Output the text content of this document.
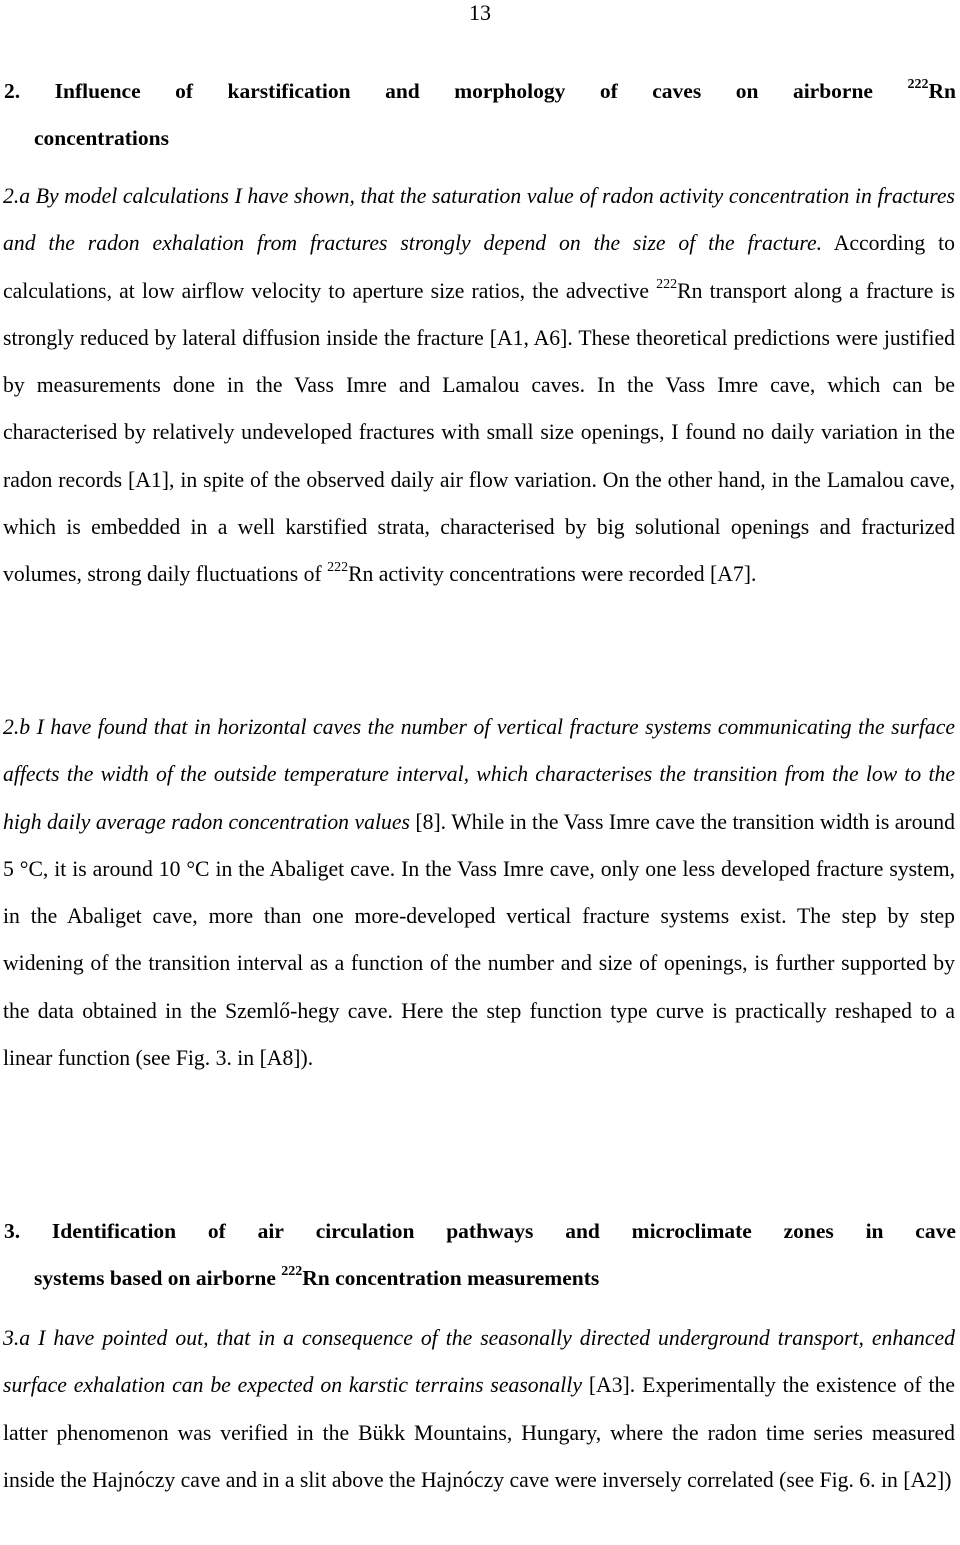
13
2. Influence of karstification and morphology of caves on airborne $^{222}$Rn
concentrations
2.a By model calculations I have shown, that the saturation value of radon activity concentration in fractures and the radon exhalation from fractures strongly depend on the size of the fracture. According to calculations, at low airflow velocity to aperture size ratios, the advective $^{222}$Rn transport along a fracture is strongly reduced by lateral diffusion inside the fracture [A1, A6]. These theoretical predictions were justified by measurements done in the Vass Imre and Lamalou caves. In the Vass Imre cave, which can be characterised by relatively undeveloped fractures with small size openings, I found no daily variation in the radon records [A1], in spite of the observed daily air flow variation. On the other hand, in the Lamalou cave, which is embedded in a well karstified strata, characterised by big solutional openings and fracturized volumes, strong daily fluctuations of $^{222}$Rn activity concentrations were recorded [A7].
2.b I have found that in horizontal caves the number of vertical fracture systems communicating the surface affects the width of the outside temperature interval, which characterises the transition from the low to the high daily average radon concentration values [8]. While in the Vass Imre cave the transition width is around 5 °C, it is around 10 °C in the Abaliget cave. In the Vass Imre cave, only one less developed fracture system, in the Abaliget cave, more than one more-developed vertical fracture systems exist. The step by step widening of the transition interval as a function of the number and size of openings, is further supported by the data obtained in the Szemlő-hegy cave. Here the step function type curve is practically reshaped to a linear function (see Fig. 3. in [A8]).
3. Identification of air circulation pathways and microclimate zones in cave
systems based on airborne $^{222}$Rn concentration measurements
3.a I have pointed out, that in a consequence of the seasonally directed underground transport, enhanced surface exhalation can be expected on karstic terrains seasonally [A3]. Experimentally the existence of the latter phenomenon was verified in the Bükk Mountains, Hungary, where the radon time series measured inside the Hajnóczy cave and in a slit above the Hajnóczy cave were inversely correlated (see Fig. 6. in [A2])
